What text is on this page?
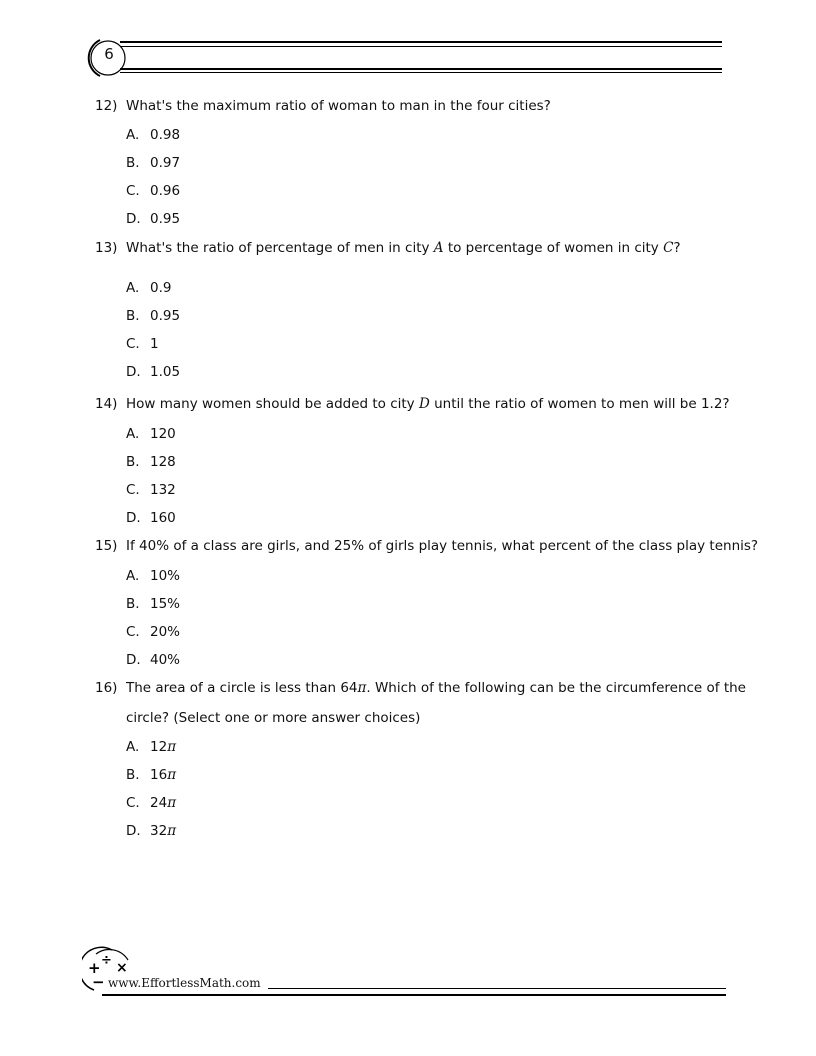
6
12) What's the maximum ratio of woman to man in the four cities?
A. 0.98
B. 0.97
C. 0.96
D. 0.95
13) What's the ratio of percentage of men in city A to percentage of women in city C?
A. 0.9
B. 0.95
C. 1
D. 1.05
14) How many women should be added to city D until the ratio of women to men will be 1.2?
A. 120
B. 128
C. 132
D. 160
15) If 40% of a class are girls, and 25% of girls play tennis, what percent of the class play tennis?
A. 10%
B. 15%
C. 20%
D. 40%
16) The area of a circle is less than 64π. Which of the following can be the circumference of the
circle? (Select one or more answer choices)
A. 12π
B. 16π
C. 24π
D. 32π
+ ÷ ×
− www.EffortlessMath.com
